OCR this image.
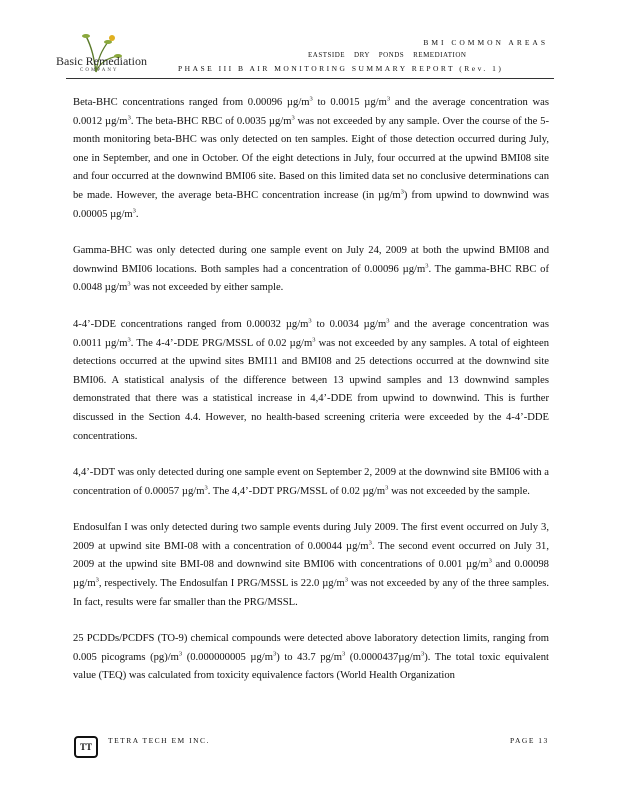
Basic Remediation
COMPANY
BMI COMMON AREAS
EASTSIDE    DRY    PONDS    REMEDIATION
PHASE III B AIR MONITORING SUMMARY REPORT (Rev. 1)

Beta-BHC concentrations ranged from 0.00096 $\mu g/m^3$ to 0.0015 $\mu g/m^3$ and the average concentration was 0.0012 $\mu g/m^3$. The beta-BHC RBC of 0.0035 $\mu g/m^3$ was not exceeded by any sample. Over the course of the 5-month monitoring beta-BHC was only detected on ten samples. Eight of those detection occurred during July, one in September, and one in October. Of the eight detections in July, four occurred at the upwind BMI08 site and four occurred at the downwind BMI06 site. Based on this limited data set no conclusive determinations can be made. However, the average beta-BHC concentration increase (in $\mu g/m^3$) from upwind to downwind was 0.00005 $\mu g/m^3$.

Gamma-BHC was only detected during one sample event on July 24, 2009 at both the upwind BMI08 and downwind BMI06 locations. Both samples had a concentration of 0.00096 $\mu g/m^3$. The gamma-BHC RBC of 0.0048 $\mu g/m^3$ was not exceeded by either sample.

4-4’-DDE concentrations ranged from 0.00032 $\mu g/m^3$ to 0.0034 $\mu g/m^3$ and the average concentration was 0.0011 $\mu g/m^3$. The 4-4’-DDE PRG/MSSL of 0.02 $\mu g/m^3$ was not exceeded by any samples. A total of eighteen detections occurred at the upwind sites BMI11 and BMI08 and 25 detections occurred at the downwind site BMI06. A statistical analysis of the difference between 13 upwind samples and 13 downwind samples demonstrated that there was a statistical increase in 4,4’-DDE from upwind to downwind. This is further discussed in the Section 4.4. However, no health-based screening criteria were exceeded by the 4-4’-DDE concentrations.

4,4’-DDT was only detected during one sample event on September 2, 2009 at the downwind site BMI06 with a concentration of 0.00057 $\mu g/m^3$. The 4,4’-DDT PRG/MSSL of 0.02 $\mu g/m^3$ was not exceeded by the sample.

Endosulfan I was only detected during two sample events during July 2009. The first event occurred on July 3, 2009 at upwind site BMI-08 with a concentration of 0.00044 $\mu g/m^3$. The second event occurred on July 31, 2009 at the upwind site BMI-08 and downwind site BMI06 with concentrations of 0.001 $\mu g/m^3$ and 0.00098 $\mu g/m^3$, respectively. The Endosulfan I PRG/MSSL is 22.0 $\mu g/m^3$ was not exceeded by any of the three samples. In fact, results were far smaller than the PRG/MSSL.

25 PCDDs/PCDFS (TO-9) chemical compounds were detected above laboratory detection limits, ranging from 0.005 picograms $(pg)/m^3$ (0.000000005 $\mu g/m^3$) to 43.7 $pg/m^3$ $(0.0000437\mu g/m^3)$. The total toxic equivalent value (TEQ) was calculated from toxicity equivalence factors (World Health Organization

TT
TETRA TECH EM INC.	PAGE 13
